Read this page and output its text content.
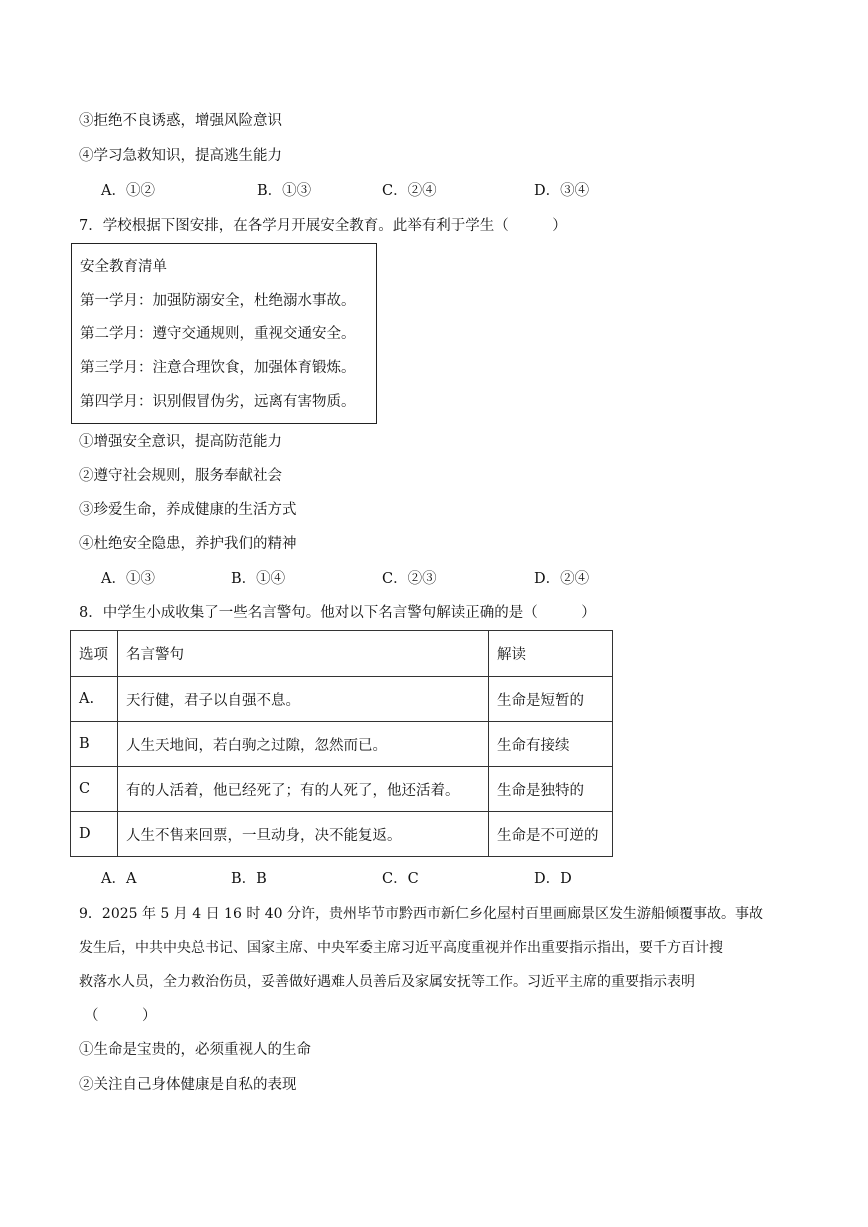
③拒绝不良诱惑，增强风险意识
④学习急救知识，提高逃生能力
A．①②	B．①③	C．②④	D．③④
7．学校根据下图安排，在各学月开展安全教育。此举有利于学生（　　　）
安全教育清单
第一学月：加强防溺安全，杜绝溺水事故。
第二学月：遵守交通规则，重视交通安全。
第三学月：注意合理饮食，加强体育锻炼。
第四学月：识别假冒伪劣，远离有害物质。
①增强安全意识，提高防范能力
②遵守社会规则，服务奉献社会
③珍爱生命，养成健康的生活方式
④杜绝安全隐患，养护我们的精神
A．①③	B．①④	C．②③	D．②④
8．中学生小成收集了一些名言警句。他对以下名言警句解读正确的是（　　　）
选项	名言警句	解读
A.	天行健，君子以自强不息。	生命是短暂的
B	人生天地间，若白驹之过隙，忽然而已。	生命有接续
C	有的人活着，他已经死了；有的人死了，他还活着。	生命是独特的
D	人生不售来回票，一旦动身，决不能复返。	生命是不可逆的
A．A	B．B	C．C	D．D
9．2025 年 5 月 4 日 16 时 40 分许，贵州毕节市黔西市新仁乡化屋村百里画廊景区发生游船倾覆事故。事故
发生后，中共中央总书记、国家主席、中央军委主席习近平高度重视并作出重要指示指出，要千方百计搜
救落水人员，全力救治伤员，妥善做好遇难人员善后及家属安抚等工作。习近平主席的重要指示表明
（　　　）
①生命是宝贵的，必须重视人的生命
②关注自己身体健康是自私的表现
